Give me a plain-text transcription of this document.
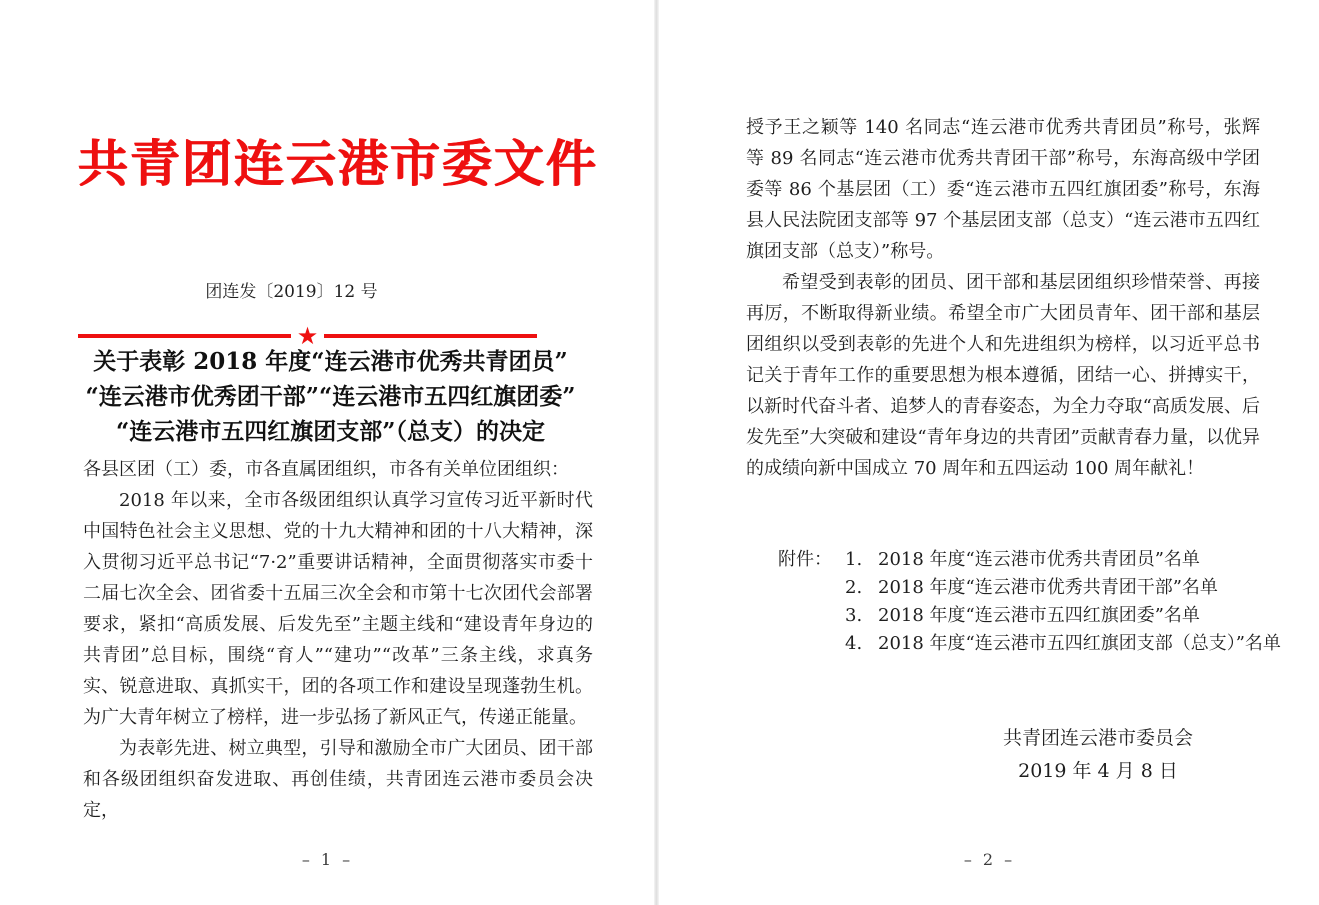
共青团连云港市委文件
团连发〔2019〕12 号
★
关于表彰 2018 年度“连云港市优秀共青团员”
“连云港市优秀团干部”“连云港市五四红旗团委”
“连云港市五四红旗团支部”（总支）的决定

各县区团（工）委，市各直属团组织，市各有关单位团组织：

2018 年以来，全市各级团组织认真学习宣传习近平新时代中国特色社会主义思想、党的十九大精神和团的十八大精神，深入贯彻习近平总书记“7·2”重要讲话精神，全面贯彻落实市委十二届七次全会、团省委十五届三次全会和市第十七次团代会部署要求，紧扣“高质发展、后发先至”主题主线和“建设青年身边的共青团”总目标，围绕“育人”“建功”“改革”三条主线，求真务实、锐意进取、真抓实干，团的各项工作和建设呈现蓬勃生机。为广大青年树立了榜样，进一步弘扬了新风正气，传递正能量。

为表彰先进、树立典型，引导和激励全市广大团员、团干部和各级团组织奋发进取、再创佳绩，共青团连云港市委员会决定，

– 1 –

授予王之颖等 140 名同志“连云港市优秀共青团员”称号，张辉等 89 名同志“连云港市优秀共青团干部”称号，东海高级中学团委等 86 个基层团（工）委“连云港市五四红旗团委”称号，东海县人民法院团支部等 97 个基层团支部（总支）“连云港市五四红旗团支部（总支）”称号。

希望受到表彰的团员、团干部和基层团组织珍惜荣誉、再接再厉，不断取得新业绩。希望全市广大团员青年、团干部和基层团组织以受到表彰的先进个人和先进组织为榜样，以习近平总书记关于青年工作的重要思想为根本遵循，团结一心、拼搏实干，以新时代奋斗者、追梦人的青春姿态，为全力夺取“高质发展、后发先至”大突破和建设“青年身边的共青团”贡献青春力量，以优异的成绩向新中国成立 70 周年和五四运动 100 周年献礼！

附件： 1. 2018 年度“连云港市优秀共青团员”名单
2. 2018 年度“连云港市优秀共青团干部”名单
3. 2018 年度“连云港市五四红旗团委”名单
4. 2018 年度“连云港市五四红旗团支部（总支）”名单
共青团连云港市委员会
2019 年 4 月 8 日
– 2 –
